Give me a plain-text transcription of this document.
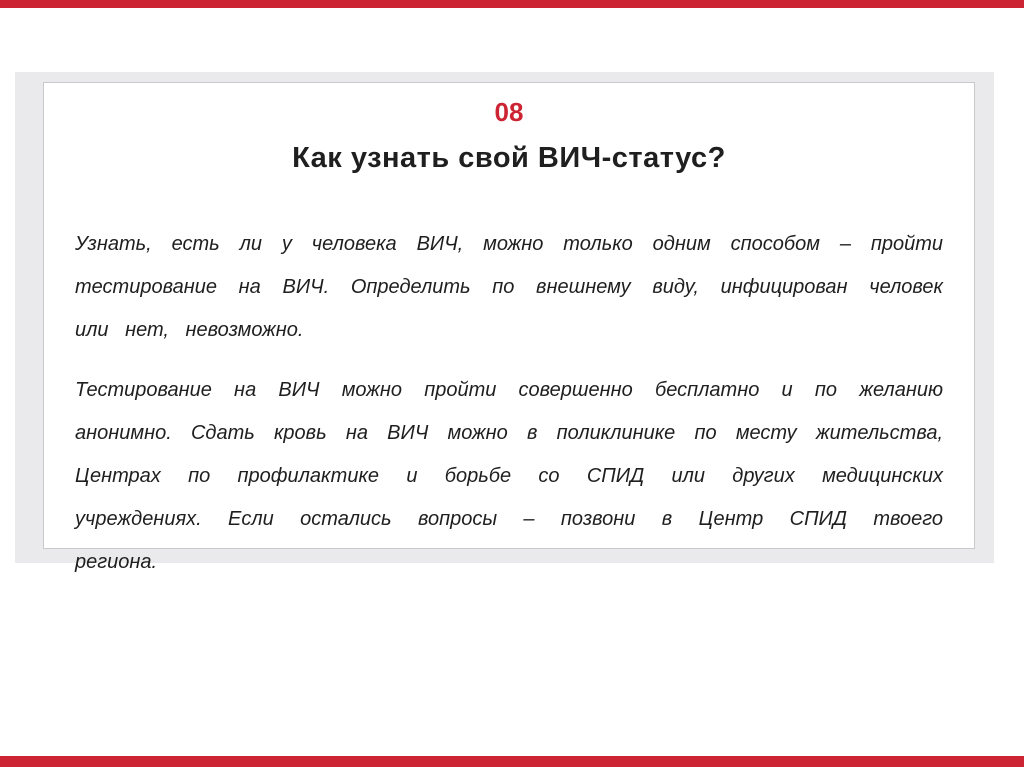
08
Как узнать свой ВИЧ-статус?

Узнать, есть ли у человека ВИЧ, можно только одним способом – пройти тестирование на ВИЧ. Определить по внешнему виду, инфицирован человек или нет, невозможно.

Тестирование на ВИЧ можно пройти совершенно бесплатно и по желанию анонимно. Сдать кровь на ВИЧ можно в поликлинике по месту жительства, Центрах по профилактике и борьбе со СПИД или других медицинских учреждениях. Если остались вопросы – позвони в Центр СПИД твоего региона.
